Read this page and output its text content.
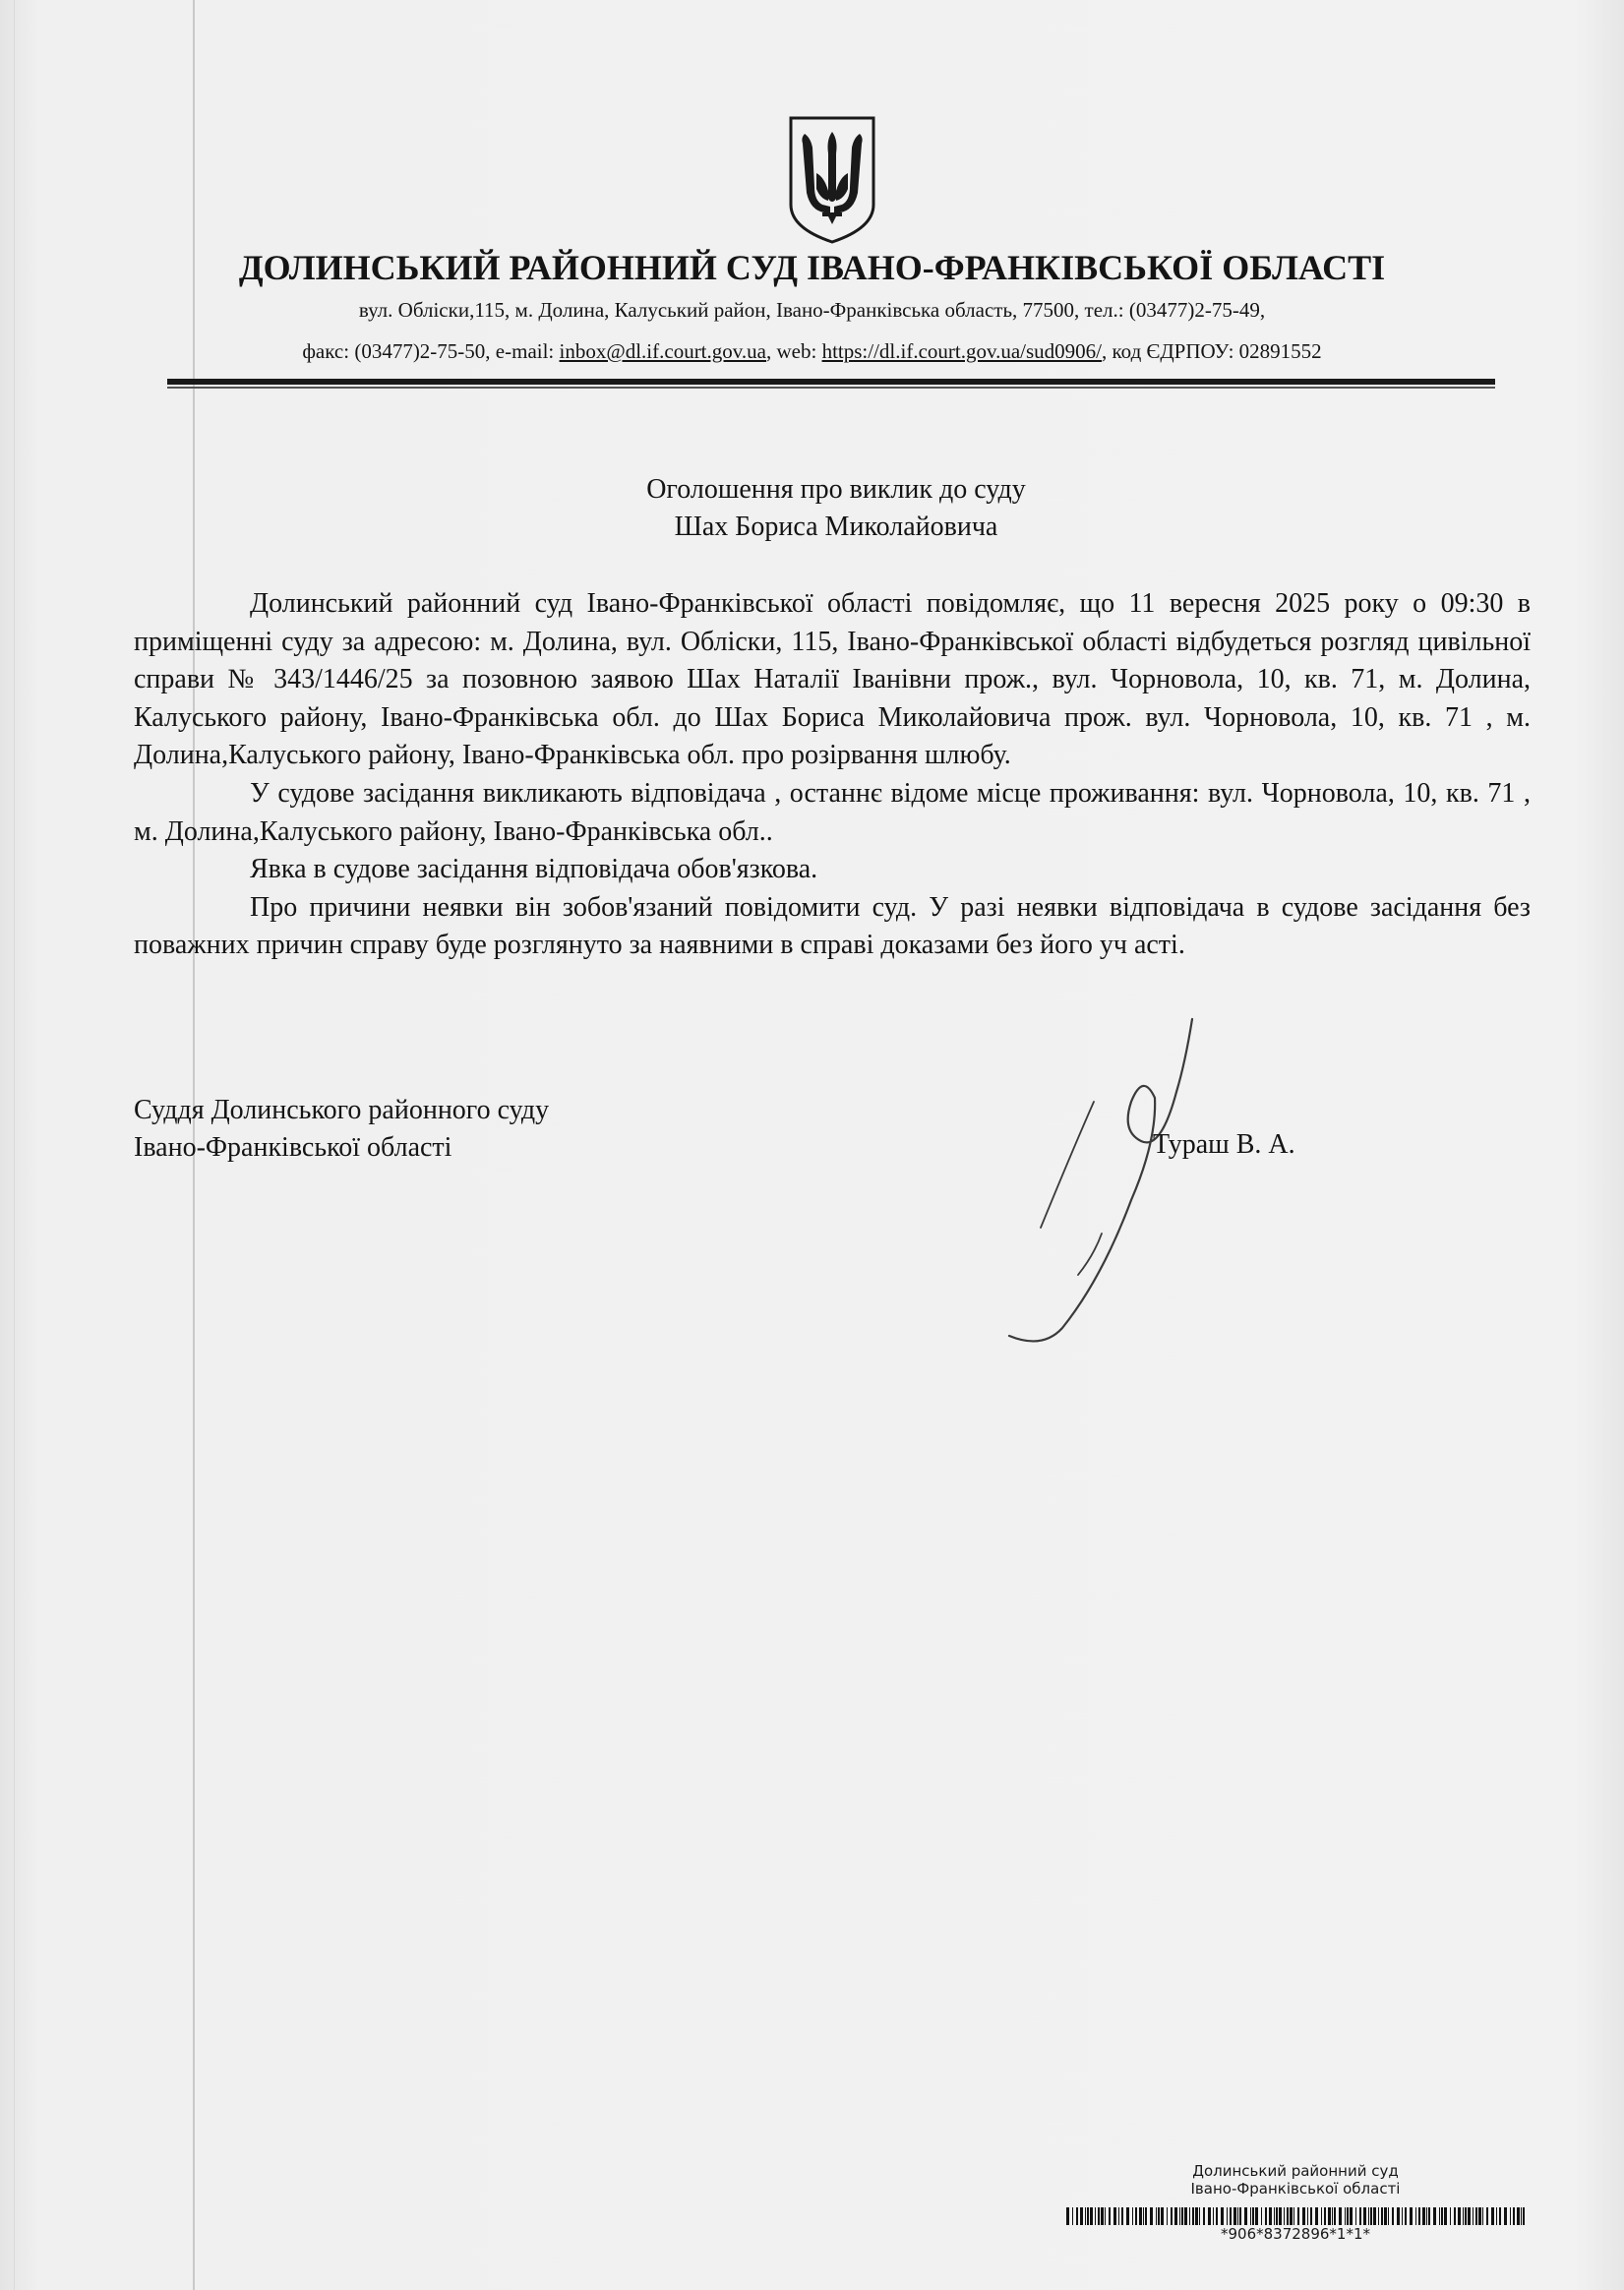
ДОЛИНСЬКИЙ РАЙОННИЙ СУД ІВАНО-ФРАНКІВСЬКОЇ ОБЛАСТІ
вул. Обліски,115, м. Долина, Калуський район, Івано-Франківська область, 77500, тел.: (03477)2-75-49,
факс: (03477)2-75-50, e-mail: inbox@dl.if.court.gov.ua, web: https://dl.if.court.gov.ua/sud0906/, код ЄДРПОУ: 02891552
Оголошення про виклик до суду
Шах Бориса Миколайовича

Долинський районний суд Івано-Франківської області повідомляє, що 11 вересня 2025 року о 09:30 в приміщенні суду за адресою: м. Долина, вул. Обліски, 115, Івано-Франківської області відбудеться розгляд цивільної справи № 343/1446/25 за позовною заявою Шах Наталії Іванівни прож., вул. Чорновола, 10, кв. 71, м. Долина, Калуського району, Івано-Франківська обл. до Шах Бориса Миколайовича прож. вул. Чорновола, 10, кв. 71 , м. Долина,Калуського району, Івано-Франківська обл. про розірвання шлюбу.

У судове засідання викликають відповідача , останнє відоме місце проживання: вул. Чорновола, 10, кв. 71 , м. Долина,Калуського району, Івано-Франківська обл..

Явка в судове засідання відповідача обов'язкова.

Про причини неявки він зобов'язаний повідомити суд. У разі неявки відповідача в судове засідання без поважних причин справу буде розглянуто за наявними в справі доказами без його уч асті.

Суддя Долинського районного суду
Івано-Франківської області	Тураш В. А.
Долинський районний суд
Івано-Франківської області
*906*8372896*1*1*
